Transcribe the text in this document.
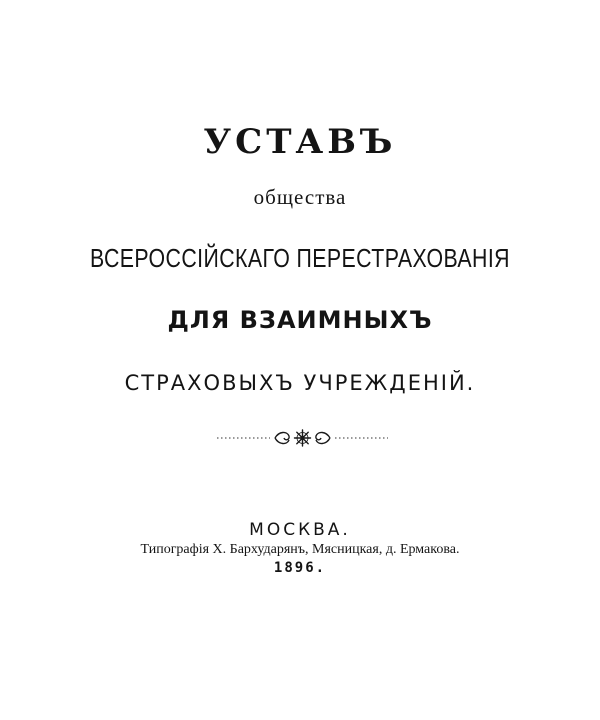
УСТАВЪ
общества
ВСЕРОССІЙСКАГО ПЕРЕСТРАХОВАНІЯ
ДЛЯ ВЗАИМНЫХЪ
СТРАХОВЫХЪ УЧРЕЖДЕНІЙ.
МОСКВА.
Типографія Х. Бархударянъ, Мясницкая, д. Ермакова.
1896.
